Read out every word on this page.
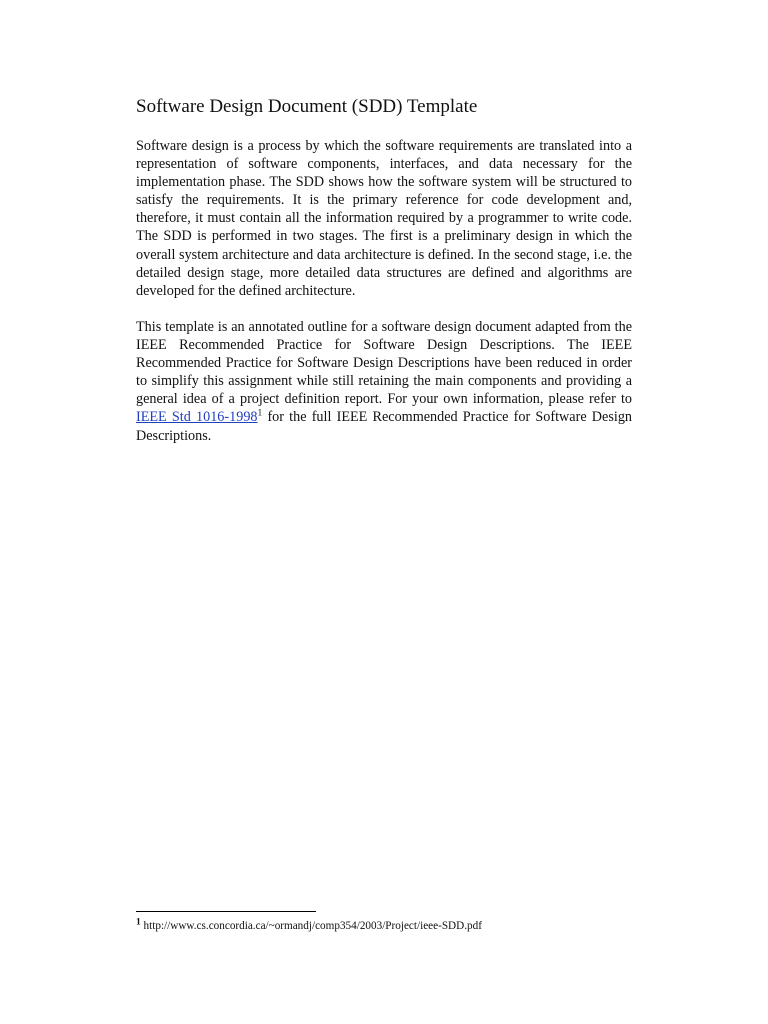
Software Design Document (SDD) Template

Software design is a process by which the software requirements are translated into a representation of software components, interfaces, and data necessary for the implementation phase. The SDD shows how the software system will be structured to satisfy the requirements. It is the primary reference for code development and, therefore, it must contain all the information required by a programmer to write code. The SDD is performed in two stages. The first is a preliminary design in which the overall system architecture and data architecture is defined. In the second stage, i.e. the detailed design stage, more detailed data structures are defined and algorithms are developed for the defined architecture.

This template is an annotated outline for a software design document adapted from the IEEE Recommended Practice for Software Design Descriptions. The IEEE Recommended Practice for Software Design Descriptions have been reduced in order to simplify this assignment while still retaining the main components and providing a general idea of a project definition report. For your own information, please refer to IEEE Std 1016-1998$^1$ for the full IEEE Recommended Practice for Software Design Descriptions.

$^1$ http://www.cs.concordia.ca/~ormandj/comp354/2003/Project/ieee-SDD.pdf
